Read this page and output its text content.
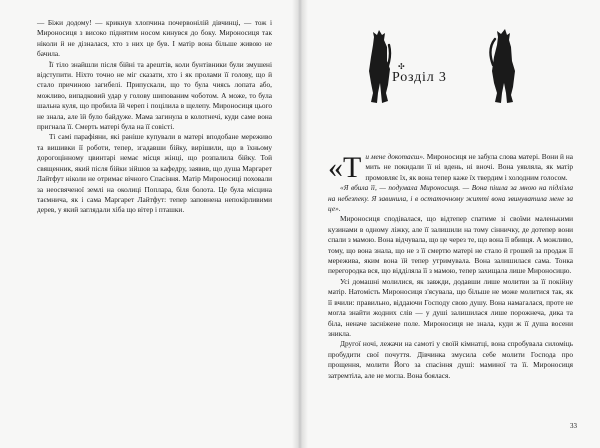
— Біжи додому! — крикнув хлопчина почервонілій дівчинці, — тож і Мироносиця з високо піднятим носом кинувся до боку. Мироносиця так ніколи й не дізналася, хто з них це був. І матір вона більше живою не бачила.

Її тіло знайшли після бійні та арештів, коли бунтівники були змушені відступити. Ніхто точно не міг сказати, хто і як пролами її голову, що й стало причиною загибелі. Припускали, що то була чиясь лопата або, можливо, випадковий удар у голову шипованим чоботом. А може, то була шальна куля, що пробила їй череп і поцілила в щелепу. Мироносиця цього не знала, але їй було байдуже. Мама загинула в колотнечі, куди саме вона пригнала її. Смерть матері була на її совісті.

Ті самі парафіяни, які раніше купували в матері вподобане мереживо та вишивки її роботи, тепер, згадавши бійку, вирішили, що в їхньому дорогоцінному цвинтарі немає місця жінці, що розпалила бійку. Той священник, який після бійки зійшов за кафедру, заявив, що душа Маргарет Лайтфут ніколи не отримає вічного Спасіння. Матір Мироносиці поховали за неосвяченої землі на околиці Поплара, біля болота. Це була місцина таємнича, як і сама Маргарет Лайтфут: тепер заповнена непокірливими дерев, у який заглядали хіба що вітер і пташки.

«Ти мене докотаєш». Мироносиця не забула слова матері. Вони й на мить не покидали її ні вдень, ні вночі. Вона уявляла, як матір промовляє їх, як вона тепер каже їх твердим і холодним голосом.

«Я вбила її, — подумала Мироносиця. — Вона пішла за мною на підлізла на небезпеку. Я завинила, і в остаточному житті вона звинуватила мене за це».

Мироносиця сподівалася, що відтепер спатиме зі своїми маленькими кузинами в одному ліжку, але її залишили на тому сінничку, де дотепер вони спали з мамою. Вона відчувала, що це через те, що вона її вбивця. А можливо, тому, що вона знала, що не з її смертю матері не стало й грошей за продаж її мереживa, яким вона їй тепер утримувала. Вона залишилася сама. Тонка перегородка вся, що відділяла її з мамою, тепер захищала лише Мироносицю.

Усі домашні молилися, як завжди, додавши лише молитви за її покійну матір. Натомість Мироносиця з'ясувала, що більше не може молитися так, як її вчили: правильно, віддаючи Господу свою душу. Вона намагалася, проте не могла знайти жодних слів — у душі залишилася лише порожнеча, дика та біла, неначе засніжене поле. Мироносиця не знала, куди ж її душа восени зникла.

Другої ночі, лежачи на самоті у своїй кімнатці, вона спробувала силоміць пробудити свої почуття. Дівчинка змусила себе молити Господа про прощення, молити Його за спасіння душі: маминої та її. Мироносиця затремтіла, але не могла. Вона боялася.

✣
Розділ 3
33
